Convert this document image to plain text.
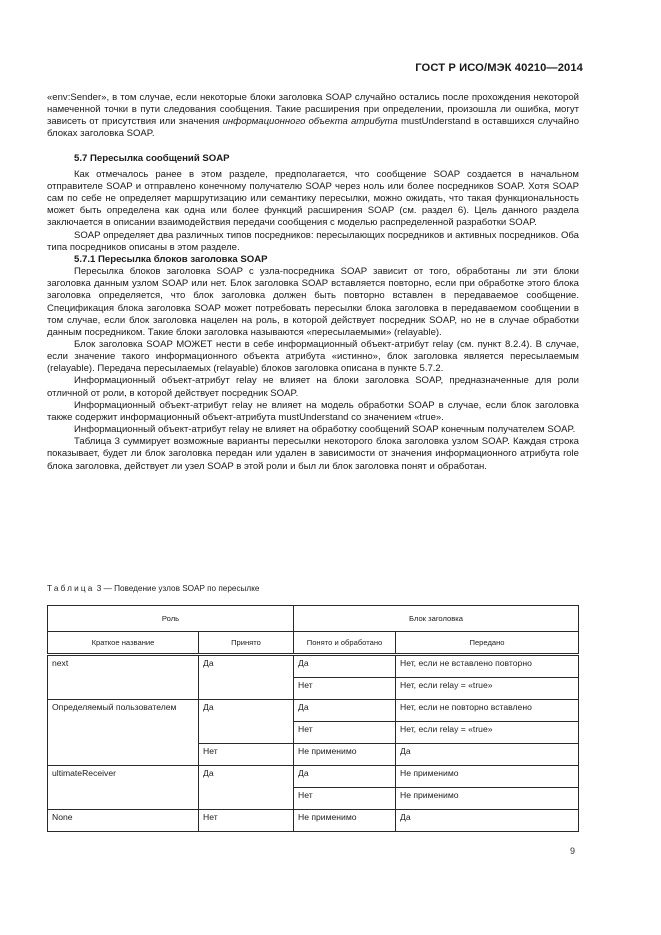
ГОСТ Р ИСО/МЭК 40210—2014

«env:Sender», в том случае, если некоторые блоки заголовка SOAP случайно остались после прохождения некоторой намеченной точки в пути следования сообщения. Такие расширения при определении, произошла ли ошибка, могут зависеть от присутствия или значения информационного объекта атрибута mustUnderstand в оставшихся случайно блоках заголовка SOAP.

5.7 Пересылка сообщений SOAP

Как отмечалось ранее в этом разделе, предполагается, что сообщение SOAP создается в начальном отправителе SOAP и отправлено конечному получателю SOAP через ноль или более посредников SOAP. Хотя SOAP сам по себе не определяет маршрутизацию или семантику пересылки, можно ожидать, что такая функциональность может быть определена как одна или более функций расширения SOAP (см. раздел 6). Цель данного раздела заключается в описании взаимодействия передачи сообщения с моделью распределенной разработки SOAP.

SOAP определяет два различных типов посредников: пересылающих посредников и активных посредников. Оба типа посредников описаны в этом разделе.

5.7.1 Пересылка блоков заголовка SOAP

Пересылка блоков заголовка SOAP с узла-посредника SOAP зависит от того, обработаны ли эти блоки заголовка данным узлом SOAP или нет. Блок заголовка SOAP вставляется повторно, если при обработке этого блока заголовка определяется, что блок заголовка должен быть повторно вставлен в передаваемое сообщение. Спецификация блока заголовка SOAP может потребовать пересылки блока заголовка в передаваемом сообщении в том случае, если блок заголовка нацелен на роль, в которой действует посредник SOAP, но не в случае обработки данным посредником. Такие блоки заголовка называются «пересылаемыми» (relayable).

Блок заголовка SOAP МОЖЕТ нести в себе информационный объект-атрибут relay (см. пункт 8.2.4). В случае, если значение такого информационного объекта атрибута «истинно», блок заголовка является пересылаемым (relayable). Передача пересылаемых (relayable) блоков заголовка описана в пункте 5.7.2.

Информационный объект-атрибут relay не влияет на блоки заголовка SOAP, предназначенные для роли отличной от роли, в которой действует посредник SOAP.

Информационный объект-атрибут relay не влияет на модель обработки SOAP в случае, если блок заголовка также содержит информационный объект-атрибута mustUnderstand со значением «true».

Информационный объект-атрибут relay не влияет на обработку сообщений SOAP конечным получателем SOAP.

Таблица 3 суммирует возможные варианты пересылки некоторого блока заголовка узлом SOAP. Каждая строка показывает, будет ли блок заголовка передан или удален в зависимости от значения информационного атрибута role блока заголовка, действует ли узел SOAP в этой роли и был ли блок заголовка понят и обработан.

Таблица 3 — Поведение узлов SOAP по пересылке
Роль		Блок заголовка	
Краткое название	Принято	Понято и обработано	Передано
next	Да	Да	Нет, если не вставлено повторно
		Нет	Нет, если relay = «true»
Определяемый пользователем	Да	Да	Нет, если не повторно вставлено
		Нет	Нет, если relay = «true»
	Нет	Не применимо	Да
ultimateReceiver	Да	Да	Не применимо
		Нет	Не применимо
None	Нет	Не применимо	Да
9
